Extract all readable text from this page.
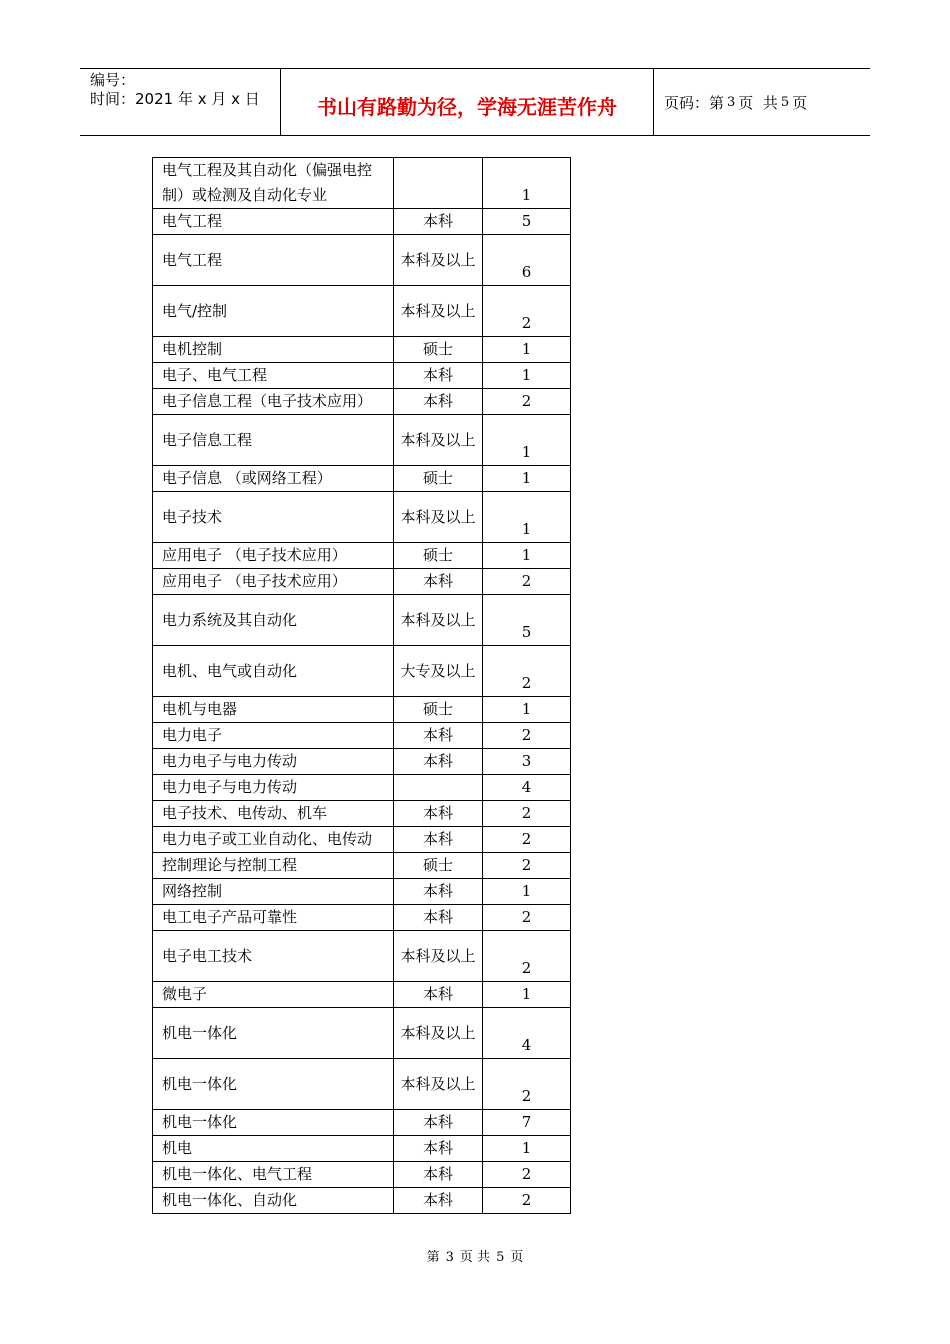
编号：
时间：2021 年 x 月 x 日	书山有路勤为径，学海无涯苦作舟	页码：第 3 页  共 5 页
电气工程及其自动化（偏强电控制）或检测及自动化专业		1
电气工程	本科	5
电气工程	本科及以上	6
电气/控制	本科及以上	2
电机控制	硕士	1
电子、电气工程	本科	1
电子信息工程（电子技术应用）	本科	2
电子信息工程	本科及以上	1
电子信息 （或网络工程）	硕士	1
电子技术	本科及以上	1
应用电子 （电子技术应用）	硕士	1
应用电子 （电子技术应用）	本科	2
电力系统及其自动化	本科及以上	5
电机、电气或自动化	大专及以上	2
电机与电器	硕士	1
电力电子	本科	2
电力电子与电力传动	本科	3
电力电子与电力传动		4
电子技术、电传动、机车	本科	2
电力电子或工业自动化、电传动	本科	2
控制理论与控制工程	硕士	2
网络控制	本科	1
电工电子产品可靠性	本科	2
电子电工技术	本科及以上	2
微电子	本科	1
机电一体化	本科及以上	4
机电一体化	本科及以上	2
机电一体化	本科	7
机电	本科	1
机电一体化、电气工程	本科	2
机电一体化、自动化	本科	2
第 3 页 共 5 页
